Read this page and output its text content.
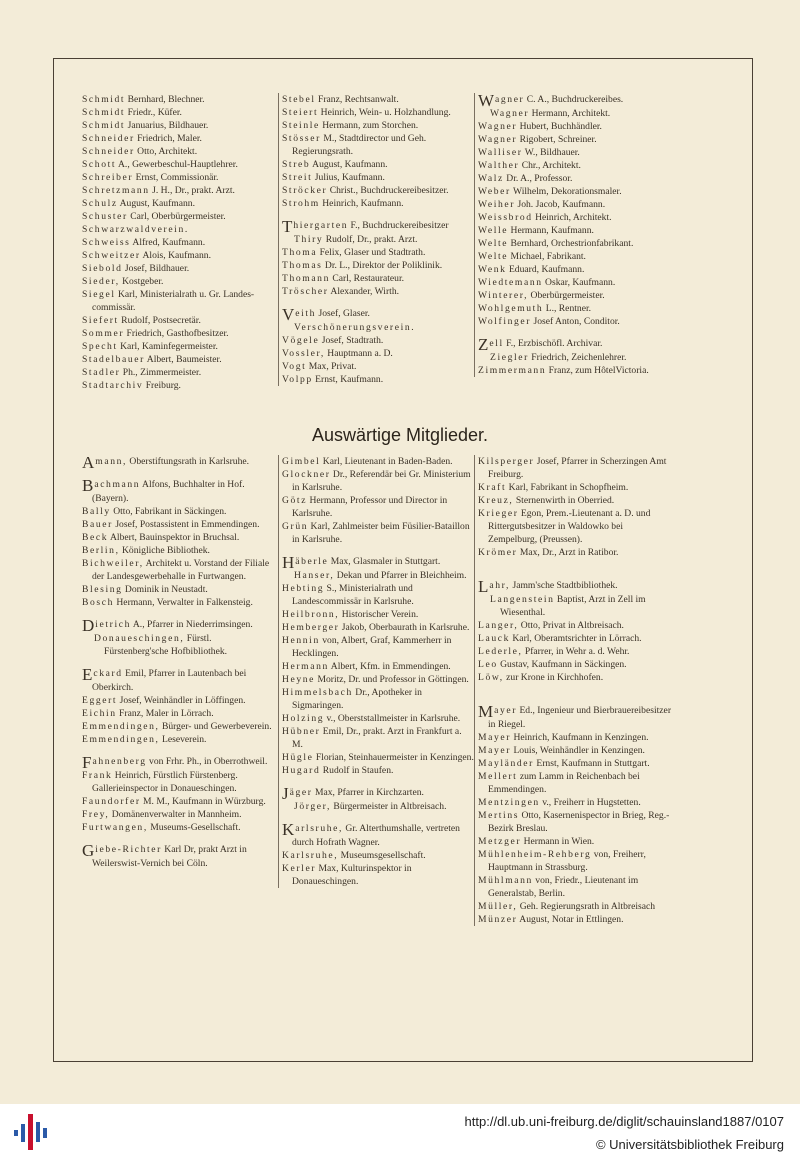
Schmidt Bernhard, Blechner.

Schmidt Friedr., Küfer.

Schmidt Januarius, Bildhauer.

Schneider Friedrich, Maler.

Schneider Otto, Architekt.

Schott A., Gewerbeschul-Hauptlehrer.

Schreiber Ernst, Commissionär.

Schretzmann J. H., Dr., prakt. Arzt.

Schulz August, Kaufmann.

Schuster Carl, Oberbürgermeister.

Schwarzwaldverein.

Schweiss Alfred, Kaufmann.

Schweitzer Alois, Kaufmann.

Siebold Josef, Bildhauer.

Sieder, Kostgeber.

Siegel Karl, Ministerialrath u. Gr. Landes-commissär.

Siefert Rudolf, Postsecretär.

Sommer Friedrich, Gasthofbesitzer.

Specht Karl, Kaminfegermeister.

Stadelbauer Albert, Baumeister.

Stadler Ph., Zimmermeister.

Stadtarchiv Freiburg.

Stebel Franz, Rechtsanwalt.

Steiert Heinrich, Wein- u. Holzhandlung.

Steinle Hermann, zum Storchen.

Stösser M., Stadtdirector und Geh. Regierungsrath.

Streb August, Kaufmann.

Streit Julius, Kaufmann.

Ströcker Christ., Buchdruckereibesitzer.

Strohm Heinrich, Kaufmann.

Thiergarten F., Buchdruckereibesitzer

Thiry Rudolf, Dr., prakt. Arzt.

Thoma Felix, Glaser und Stadtrath.

Thomas Dr. L., Direktor der Poliklinik.

Thomann Carl, Restaurateur.

Tröscher Alexander, Wirth.

Veith Josef, Glaser.

Verschönerungsverein.

Vögele Josef, Stadtrath.

Vossler, Hauptmann a. D.

Vogt Max, Privat.

Volpp Ernst, Kaufmann.

Wagner C. A., Buchdruckereibes.

Wagner Hermann, Architekt.

Wagner Hubert, Buchhändler.

Wagner Rigobert, Schreiner.

Walliser W., Bildhauer.

Walther Chr., Architekt.

Walz Dr. A., Professor.

Weber Wilhelm, Dekorationsmaler.

Weiher Joh. Jacob, Kaufmann.

Weissbrod Heinrich, Architekt.

Welle Hermann, Kaufmann.

Welte Bernhard, Orchestrionfabrikant.

Welte Michael, Fabrikant.

Wenk Eduard, Kaufmann.

Wiedtemann Oskar, Kaufmann.

Winterer, Oberbürgermeister.

Wohlgemuth L., Rentner.

Wolfinger Josef Anton, Conditor.

Zell F., Erzbischöfl. Archivar.

Ziegler Friedrich, Zeichenlehrer.

Zimmermann Franz, zum HôtelVictoria.

Auswärtige Mitglieder.

Amann, Oberstiftungsrath in Karlsruhe.

Bachmann Alfons, Buchhalter in Hof. (Bayern).

Bally Otto, Fabrikant in Säckingen.

Bauer Josef, Postassistent in Emmendingen.

Beck Albert, Bauinspektor in Bruchsal.

Berlin, Königliche Bibliothek.

Bichweiler, Architekt u. Vorstand der Filiale der Landesgewerbehalle in Furtwangen.

Blesing Dominik in Neustadt.

Bosch Hermann, Verwalter in Falkensteig.

Dietrich A., Pfarrer in Niederrimsingen.

Donaueschingen, Fürstl. Fürstenberg'sche Hofbibliothek.

Eckard Emil, Pfarrer in Lautenbach bei Oberkirch.

Eggert Josef, Weinhändler in Löffingen.

Eichin Franz, Maler in Lörrach.

Emmendingen, Bürger- und Gewerbeverein.

Emmendingen, Leseverein.

Fahnenberg von Frhr. Ph., in Oberrothweil.

Frank Heinrich, Fürstlich Fürstenberg. Gallerieinspector in Donaueschingen.

Faundorfer M. M., Kaufmann in Würzburg.

Frey, Domänenverwalter in Mannheim.

Furtwangen, Museums-Gesellschaft.

Giebe-Richter Karl Dr, prakt Arzt in Weilerswist-Vernich bei Cöln.

Gimbel Karl, Lieutenant in Baden-Baden.

Glockner Dr., Referendär bei Gr. Ministerium in Karlsruhe.

Götz Hermann, Professor und Director in Karlsruhe.

Grün Karl, Zahlmeister beim Füsilier-Bataillon in Karlsruhe.

Häberle Max, Glasmaler in Stuttgart.

Hanser, Dekan und Pfarrer in Bleichheim.

Hebting S., Ministerialrath und Landescommissär in Karlsruhe.

Heilbronn, Historischer Verein.

Hemberger Jakob, Oberbaurath in Karlsruhe.

Hennin von, Albert, Graf, Kammerherr in Hecklingen.

Hermann Albert, Kfm. in Emmendingen.

Heyne Moritz, Dr. und Professor in Göttingen.

Himmelsbach Dr., Apotheker in Sigmaringen.

Holzing v., Oberststallmeister in Karlsruhe.

Hübner Emil, Dr., prakt. Arzt in Frankfurt a. M.

Hügle Florian, Steinhauermeister in Kenzingen.

Hugard Rudolf in Staufen.

Jäger Max, Pfarrer in Kirchzarten.

Jörger, Bürgermeister in Altbreisach.

Karlsruhe, Gr. Alterthumshalle, vertreten durch Hofrath Wagner.

Karlsruhe, Museumsgesellschaft.

Kerler Max, Kulturinspektor in Donaueschingen.

Kilsperger Josef, Pfarrer in Scherzingen Amt Freiburg.

Kraft Karl, Fabrikant in Schopfheim.

Kreuz, Sternenwirth in Oberried.

Krieger Egon, Prem.-Lieutenant a. D. und Rittergutsbesitzer in Waldowko bei Zempelburg, (Preussen).

Krömer Max, Dr., Arzt in Ratibor.

Lahr, Jamm'sche Stadtbibliothek.

Langenstein Baptist, Arzt in Zell im Wiesenthal.

Langer, Otto, Privat in Altbreisach.

Lauck Karl, Oberamtsrichter in Lörrach.

Lederle, Pfarrer, in Wehr a. d. Wehr.

Leo Gustav, Kaufmann in Säckingen.

Löw, zur Krone in Kirchhofen.

Mayer Ed., Ingenieur und Bierbrauereibesitzer in Riegel.

Mayer Heinrich, Kaufmann in Kenzingen.

Mayer Louis, Weinhändler in Kenzingen.

Mayländer Ernst, Kaufmann in Stuttgart.

Mellert zum Lamm in Reichenbach bei Emmendingen.

Mentzingen v., Freiherr in Hugstetten.

Mertins Otto, Kasernenispector in Brieg, Reg.-Bezirk Breslau.

Metzger Hermann in Wien.

Mühlenheim-Rehberg von, Freiherr, Hauptmann in Strassburg.

Mühlmann von, Friedr., Lieutenant im Generalstab, Berlin.

Müller, Geh. Regierungsrath in Altbreisach

Münzer August, Notar in Ettlingen.

http://dl.ub.uni-freiburg.de/diglit/schauinsland1887/0107
© Universitätsbibliothek Freiburg
